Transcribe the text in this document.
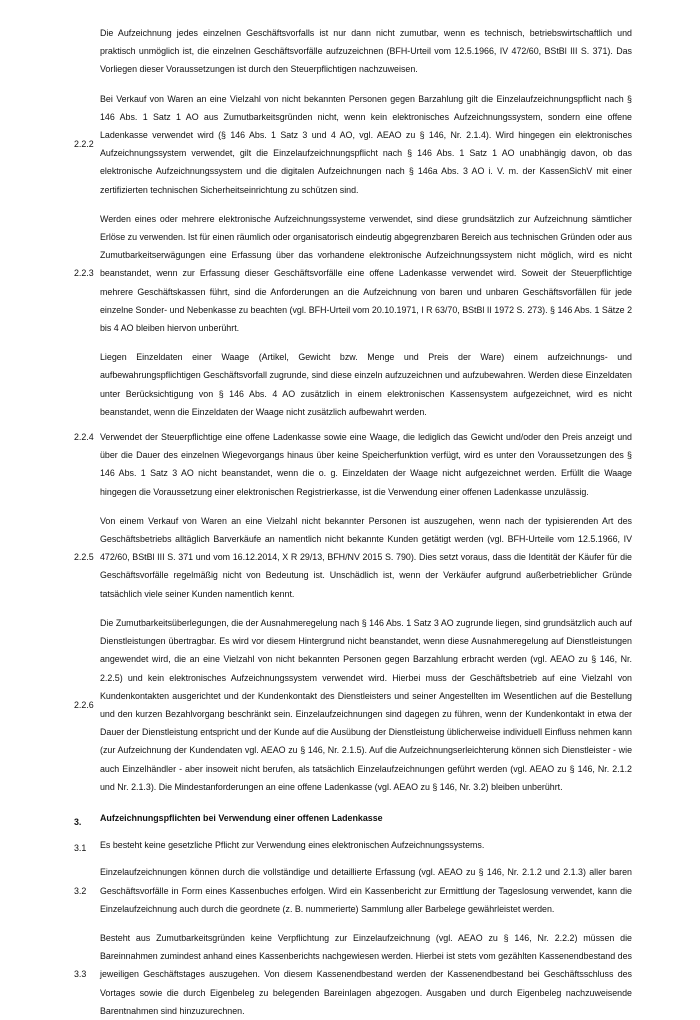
Die Aufzeichnung jedes einzelnen Geschäftsvorfalls ist nur dann nicht zumutbar, wenn es technisch, betriebswirtschaftlich und praktisch unmöglich ist, die einzelnen Geschäftsvorfälle aufzuzeichnen (BFH-Urteil vom 12.5.1966, IV 472/60, BStBl III S. 371). Das Vorliegen dieser Voraussetzungen ist durch den Steuerpflichtigen nachzuweisen.

2.2.2

Bei Verkauf von Waren an eine Vielzahl von nicht bekannten Personen gegen Barzahlung gilt die Einzelaufzeichnungspflicht nach § 146 Abs. 1 Satz 1 AO aus Zumutbarkeitsgründen nicht, wenn kein elektronisches Aufzeichnungssystem, sondern eine offene Ladenkasse verwendet wird (§ 146 Abs. 1 Satz 3 und 4 AO, vgl. AEAO zu § 146, Nr. 2.1.4). Wird hingegen ein elektronisches Aufzeichnungssystem verwendet, gilt die Einzelaufzeichnungspflicht nach § 146 Abs. 1 Satz 1 AO unabhängig davon, ob das elektronische Aufzeichnungssystem und die digitalen Aufzeichnungen nach § 146a Abs. 3 AO i. V. m. der KassenSichV mit einer zertifizierten technischen Sicherheitseinrichtung zu schützen sind.

2.2.3

Werden eines oder mehrere elektronische Aufzeichnungssysteme verwendet, sind diese grundsätzlich zur Aufzeichnung sämtlicher Erlöse zu verwenden. Ist für einen räumlich oder organisatorisch eindeutig abgegrenzbaren Bereich aus technischen Gründen oder aus Zumutbarkeitserwägungen eine Erfassung über das vorhandene elektronische Aufzeichnungssystem nicht möglich, wird es nicht beanstandet, wenn zur Erfassung dieser Geschäftsvorfälle eine offene Ladenkasse verwendet wird. Soweit der Steuerpflichtige mehrere Geschäftskassen führt, sind die Anforderungen an die Aufzeichnung von baren und unbaren Geschäftsvorfällen für jede einzelne Sonder- und Nebenkasse zu beachten (vgl. BFH-Urteil vom 20.10.1971, I R 63/70, BStBl II 1972 S. 273). § 146 Abs. 1 Sätze 2 bis 4 AO bleiben hiervon unberührt.

Liegen Einzeldaten einer Waage (Artikel, Gewicht bzw. Menge und Preis der Ware) einem aufzeichnungs- und aufbewahrungspflichtigen Geschäftsvorfall zugrunde, sind diese einzeln aufzuzeichnen und aufzubewahren. Werden diese Einzeldaten unter Berücksichtigung von § 146 Abs. 4 AO zusätzlich in einem elektronischen Kassensystem aufgezeichnet, wird es nicht beanstandet, wenn die Einzeldaten der Waage nicht zusätzlich aufbewahrt werden.

2.2.4 Verwendet der Steuerpflichtige eine offene Ladenkasse sowie eine Waage, die lediglich das Gewicht und/oder den Preis anzeigt und über die Dauer des einzelnen Wiegevorgangs hinaus über keine Speicherfunktion verfügt, wird es unter den Voraussetzungen des § 146 Abs. 1 Satz 3 AO nicht beanstandet, wenn die o. g. Einzeldaten der Waage nicht aufgezeichnet werden. Erfüllt die Waage hingegen die Voraussetzung einer elektronischen Registrierkasse, ist die Verwendung einer offenen Ladenkasse unzulässig.

2.2.5

Von einem Verkauf von Waren an eine Vielzahl nicht bekannter Personen ist auszugehen, wenn nach der typisierenden Art des Geschäftsbetriebs alltäglich Barverkäufe an namentlich nicht bekannte Kunden getätigt werden (vgl. BFH-Urteile vom 12.5.1966, IV 472/60, BStBl III S. 371 und vom 16.12.2014, X R 29/13, BFH/NV 2015 S. 790). Dies setzt voraus, dass die Identität der Käufer für die Geschäftsvorfälle regelmäßig nicht von Bedeutung ist. Unschädlich ist, wenn der Verkäufer aufgrund außerbetrieblicher Gründe tatsächlich viele seiner Kunden namentlich kennt.

2.2.6

Die Zumutbarkeitsüberlegungen, die der Ausnahmeregelung nach § 146 Abs. 1 Satz 3 AO zugrunde liegen, sind grundsätzlich auch auf Dienstleistungen übertragbar. Es wird vor diesem Hintergrund nicht beanstandet, wenn diese Ausnahmeregelung auf Dienstleistungen angewendet wird, die an eine Vielzahl von nicht bekannten Personen gegen Barzahlung erbracht werden (vgl. AEAO zu § 146, Nr. 2.2.5) und kein elektronisches Aufzeichnungssystem verwendet wird. Hierbei muss der Geschäftsbetrieb auf eine Vielzahl von Kundenkontakten ausgerichtet und der Kundenkontakt des Dienstleisters und seiner Angestellten im Wesentlichen auf die Bestellung und den kurzen Bezahlvorgang beschränkt sein. Einzelaufzeichnungen sind dagegen zu führen, wenn der Kundenkontakt in etwa der Dauer der Dienstleistung entspricht und der Kunde auf die Ausübung der Dienstleistung üblicherweise individuell Einfluss nehmen kann (zur Aufzeichnung der Kundendaten vgl. AEAO zu § 146, Nr. 2.1.5). Auf die Aufzeichnungserleichterung können sich Dienstleister - wie auch Einzelhändler - aber insoweit nicht berufen, als tatsächlich Einzelaufzeichnungen geführt werden (vgl. AEAO zu § 146, Nr. 2.1.2 und Nr. 2.1.3). Die Mindestanforderungen an eine offene Ladenkasse (vgl. AEAO zu § 146, Nr. 3.2) bleiben unberührt.

3. Aufzeichnungspflichten bei Verwendung einer offenen Ladenkasse

3.1 Es besteht keine gesetzliche Pflicht zur Verwendung eines elektronischen Aufzeichnungssystems.

3.2

Einzelaufzeichnungen können durch die vollständige und detaillierte Erfassung (vgl. AEAO zu § 146, Nr. 2.1.2 und 2.1.3) aller baren Geschäftsvorfälle in Form eines Kassenbuches erfolgen. Wird ein Kassenbericht zur Ermittlung der Tageslosung verwendet, kann die Einzelaufzeichnung auch durch die geordnete (z. B. nummerierte) Sammlung aller Barbelege gewährleistet werden.

3.3

Besteht aus Zumutbarkeitsgründen keine Verpflichtung zur Einzelaufzeichnung (vgl. AEAO zu § 146, Nr. 2.2.2) müssen die Bareinnahmen zumindest anhand eines Kassenberichts nachgewiesen werden. Hierbei ist stets vom gezählten Kassenendbestand des jeweiligen Geschäftstages auszugehen. Von diesem Kassenendbestand werden der Kassenendbestand bei Geschäftsschluss des Vortages sowie die durch Eigenbeleg zu belegenden Bareinlagen abgezogen. Ausgaben und durch Eigenbeleg nachzuweisende Barentnahmen sind hinzuzurechnen.
